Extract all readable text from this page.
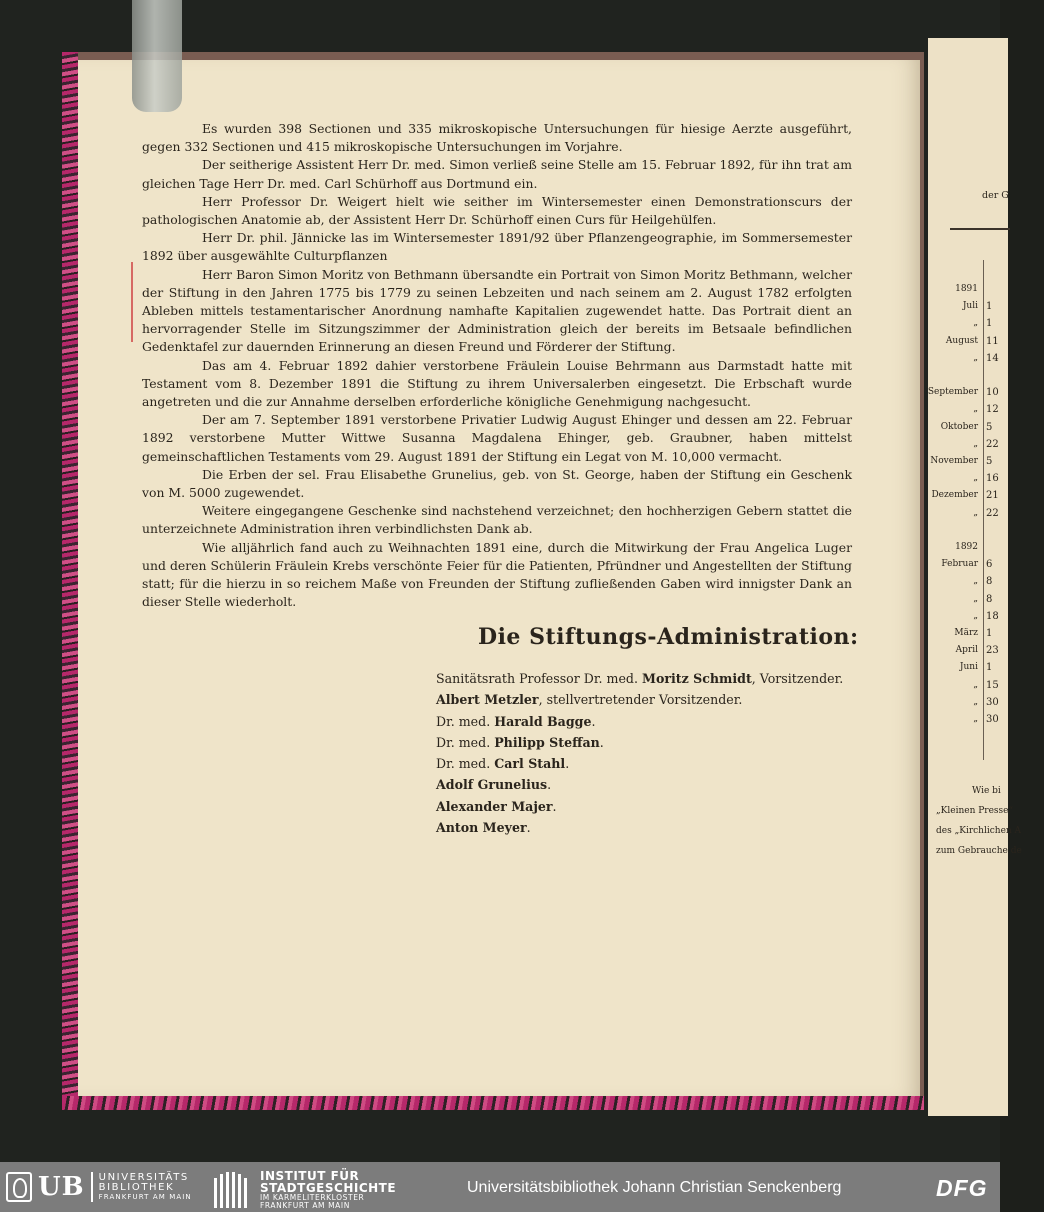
Es wurden 398 Sectionen und 335 mikroskopische Untersuchungen für hiesige Aerzte ausgeführt, gegen 332 Sectionen und 415 mikroskopische Untersuchungen im Vorjahre.

Der seitherige Assistent Herr Dr. med. Simon verließ seine Stelle am 15. Februar 1892, für ihn trat am gleichen Tage Herr Dr. med. Carl Schürhoff aus Dortmund ein.

Herr Professor Dr. Weigert hielt wie seither im Wintersemester einen Demonstrationscurs der pathologischen Anatomie ab, der Assistent Herr Dr. Schürhoff einen Curs für Heilgehülfen.

Herr Dr. phil. Jännicke las im Wintersemester 1891/92 über Pflanzengeographie, im Sommersemester 1892 über ausgewählte Culturpflanzen

Herr Baron Simon Moritz von Bethmann übersandte ein Portrait von Simon Moritz Bethmann, welcher der Stiftung in den Jahren 1775 bis 1779 zu seinen Lebzeiten und nach seinem am 2. August 1782 erfolgten Ableben mittels testamentarischer Anordnung namhafte Kapitalien zugewendet hatte. Das Portrait dient an hervorragender Stelle im Sitzungszimmer der Administration gleich der bereits im Betsaale befindlichen Gedenktafel zur dauernden Erinnerung an diesen Freund und Förderer der Stiftung.

Das am 4. Februar 1892 dahier verstorbene Fräulein Louise Behrmann aus Darmstadt hatte mit Testament vom 8. Dezember 1891 die Stiftung zu ihrem Universalerben eingesetzt. Die Erbschaft wurde angetreten und die zur Annahme derselben erforderliche königliche Genehmigung nachgesucht.

Der am 7. September 1891 verstorbene Privatier Ludwig August Ehinger und dessen am 22. Februar 1892 verstorbene Mutter Wittwe Susanna Magdalena Ehinger, geb. Graubner, haben mittelst gemeinschaftlichen Testaments vom 29. August 1891 der Stiftung ein Legat von M. 10,000 vermacht.

Die Erben der sel. Frau Elisabethe Grunelius, geb. von St. George, haben der Stiftung ein Geschenk von M. 5000 zugewendet.

Weitere eingegangene Geschenke sind nachstehend verzeichnet; den hochherzigen Gebern stattet die unterzeichnete Administration ihren verbindlichsten Dank ab.

Wie alljährlich fand auch zu Weihnachten 1891 eine, durch die Mitwirkung der Frau Angelica Luger und deren Schülerin Fräulein Krebs verschönte Feier für die Patienten, Pfründner und Angestellten der Stiftung statt; für die hierzu in so reichem Maße von Freunden der Stiftung zufließenden Gaben wird innigster Dank an dieser Stelle wiederholt.

Die Stiftungs-Administration:
Sanitätsrath Professor Dr. med. Moritz Schmidt, Vorsitzender.
Albert Metzler, stellvertretender Vorsitzender.
Dr. med. Harald Bagge.
Dr. med. Philipp Steffan.
Dr. med. Carl Stahl.
Adolf Grunelius.
Alexander Majer.
Anton Meyer.
der G
1891
Juli 1
„ 1
August 11
„ 14
September 10
„ 12
Oktober 5
„ 22
November 5
„ 16
Dezember 21
„ 22
1892
Februar 6
„ 8
„ 8
„ 18
März 1
April 23
Juni 1
„ 15
„ 30
„ 30
Wie bi
„Kleinen Presse“
des „Kirchlichen A
zum Gebrauche de
UB UNIVERSITÄTS
BIBLIOTHEK
FRANKFURT AM MAIN
INSTITUT FÜR
STADTGESCHICHTE
IM KARMELITERKLOSTER
FRANKFURT AM MAIN
Universitätsbibliothek Johann Christian Senckenberg	DFG
